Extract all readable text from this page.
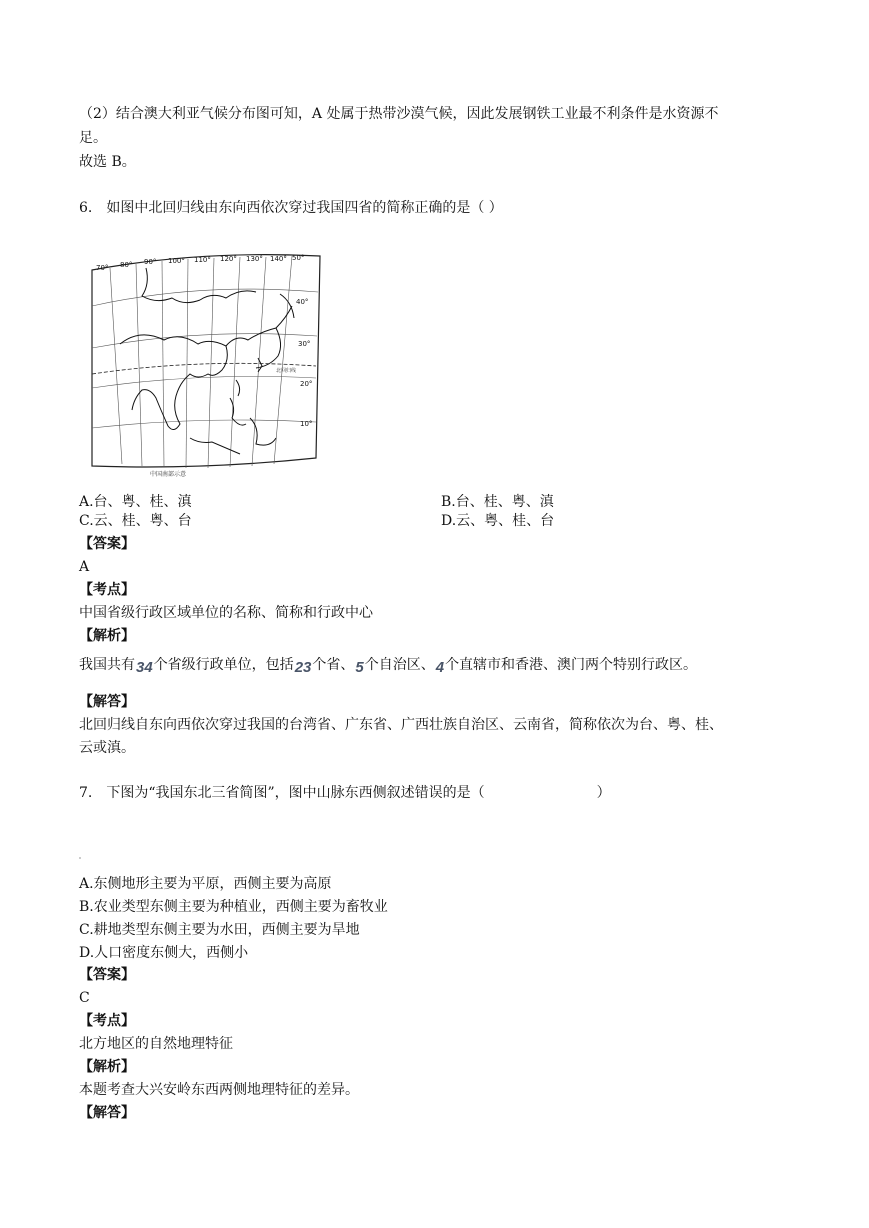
（2）结合澳大利亚气候分布图可知，A 处属于热带沙漠气候，因此发展钢铁工业最不利条件是水资源不
足。
故选 B。
6.　如图中北回归线由东向西依次穿过我国四省的简称正确的是（ ）
70° 80° 90° 100° 110° 120° 130° 140° 50°
40°
30°
20°
10°
北回归线
中国南部示意
A.台、粤、桂、滇	B.台、桂、粤、滇
C.云、桂、粤、台	D.云、粤、桂、台
【答案】
A
【考点】
中国省级行政区域单位的名称、简称和行政中心
【解析】
我国共有34个省级行政单位，包括23个省、5个自治区、4个直辖市和香港、澳门两个特别行政区。
【解答】
北回归线自东向西依次穿过我国的台湾省、广东省、广西壮族自治区、云南省，简称依次为台、粤、桂、
云或滇。
7.　下图为“我国东北三省简图”，图中山脉东西侧叙述错误的是（　　　　　　　　）
A.东侧地形主要为平原，西侧主要为高原
B.农业类型东侧主要为种植业，西侧主要为畜牧业
C.耕地类型东侧主要为水田，西侧主要为旱地
D.人口密度东侧大，西侧小
【答案】
C
【考点】
北方地区的自然地理特征
【解析】
本题考查大兴安岭东西两侧地理特征的差异。
【解答】
